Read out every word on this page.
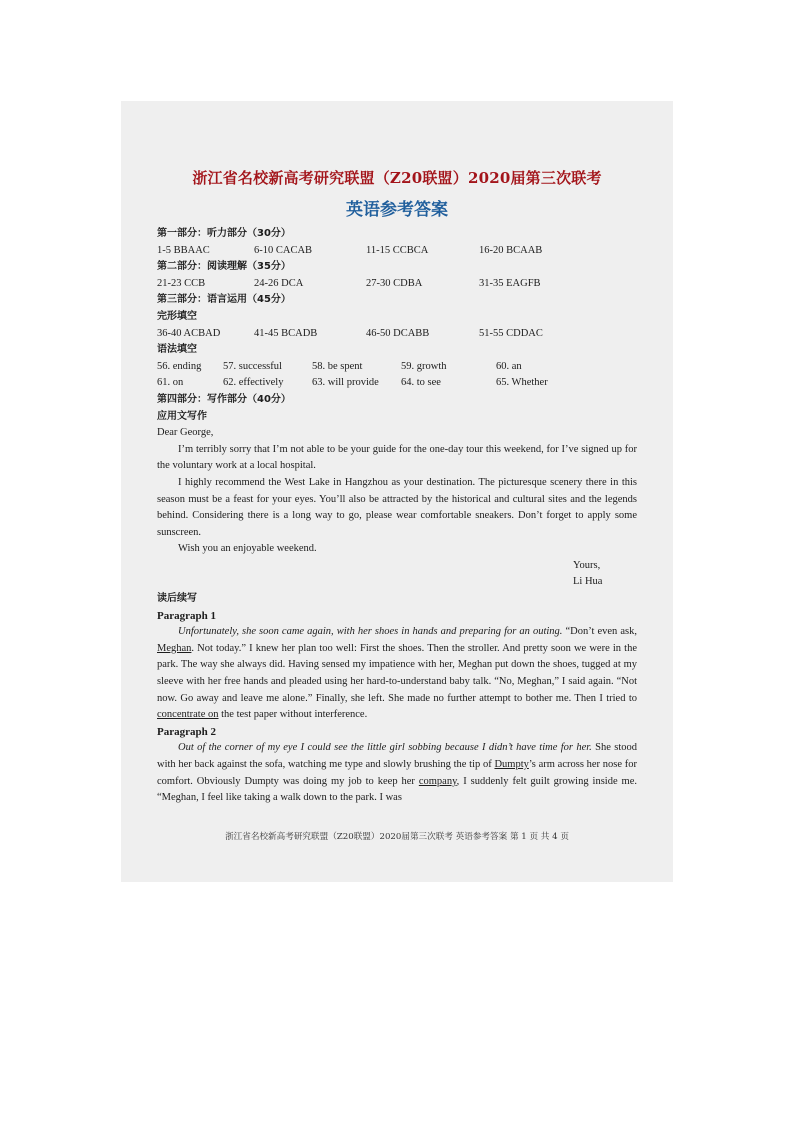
浙江省名校新高考研究联盟（Z20联盟）2020届第三次联考
英语参考答案

第一部分：听力部分（30分）

1-5 BBAAC	6-10 CACAB	11-15 CCBCA	16-20 BCAAB

第二部分：阅读理解（35分）

21-23 CCB	24-26 DCA	27-30 CDBA	31-35 EAGFB

第三部分：语言运用（45分）

完形填空

36-40 ACBAD	41-45 BCADB	46-50 DCABB	51-55 CDDAC

语法填空

56. ending 57. successful	58. be spent	59. growth	60. an
61. on	62. effectively	63. will provide 64. to see	65. Whether

第四部分：写作部分（40分）

应用文写作

Dear George,

I’m terribly sorry that I’m not able to be your guide for the one-day tour this weekend, for I’ve signed up for the voluntary work at a local hospital.

I highly recommend the West Lake in Hangzhou as your destination. The picturesque scenery there in this season must be a feast for your eyes. You’ll also be attracted by the historical and cultural sites and the legends behind. Considering there is a long way to go, please wear comfortable sneakers. Don’t forget to apply some sunscreen.

Wish you an enjoyable weekend.

Yours,

Li Hua

读后续写

Paragraph 1

Unfortunately, she soon came again, with her shoes in hands and preparing for an outing. “Don’t even ask, Meghan. Not today.” I knew her plan too well: First the shoes. Then the stroller. And pretty soon we were in the park. The way she always did. Having sensed my impatience with her, Meghan put down the shoes, tugged at my sleeve with her free hands and pleaded using her hard-to-understand baby talk. “No, Meghan,” I said again. “Not now. Go away and leave me alone.” Finally, she left. She made no further attempt to bother me. Then I tried to concentrate on the test paper without interference.

Paragraph 2

Out of the corner of my eye I could see the little girl sobbing because I didn’t have time for her. She stood with her back against the sofa, watching me type and slowly brushing the tip of Dumpty’s arm across her nose for comfort. Obviously Dumpty was doing my job to keep her company, I suddenly felt guilt growing inside me. “Meghan, I feel like taking a walk down to the park. I was

浙江省名校新高考研究联盟（Z20联盟）2020届第三次联考 英语参考答案 第 1 页 共 4 页
